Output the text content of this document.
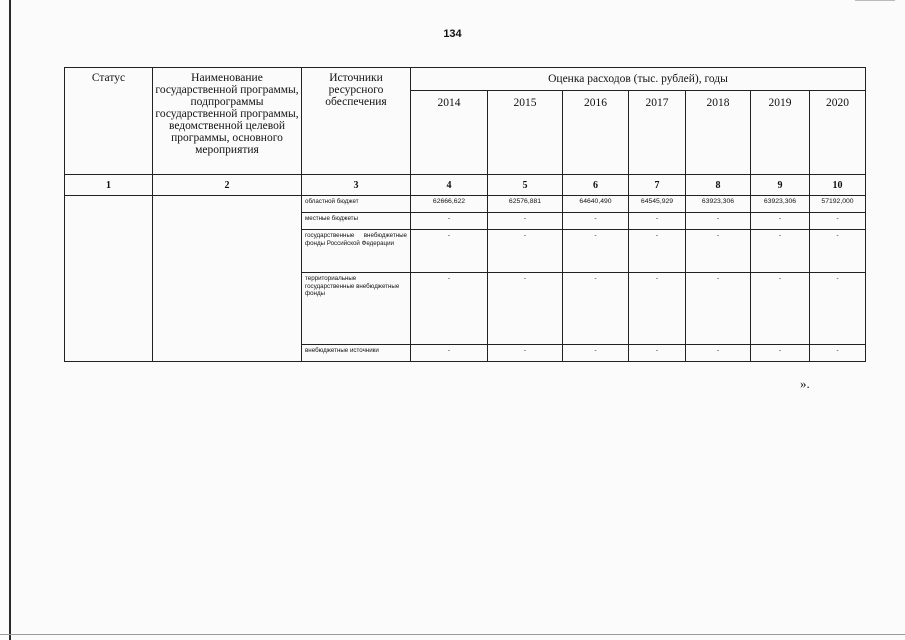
134
Статус	Наименование государственной программы, подпрограммы государственной программы, ведомственной целевой программы, основного мероприятия	Источники ресурсного обеспечения	Оценка расходов (тыс. рублей), годы						
			2014	2015	2016	2017	2018	2019	2020
1	2	3	4	5	6	7	8	9	10
		областной бюджет	62666,622	62576,881	64640,490	64545,929	63923,306	63923,306	57192,000
		местные бюджеты	-	-	-	-	-	-	-
		государственные внебюджетные фонды Российской Федерации	-	-	-	-	-	-	-
		территориальные государственные внебюджетные фонды	-	-	-	-	-	-	-
		внебюджетные источники	-	-	-	-	-	-	-
».
